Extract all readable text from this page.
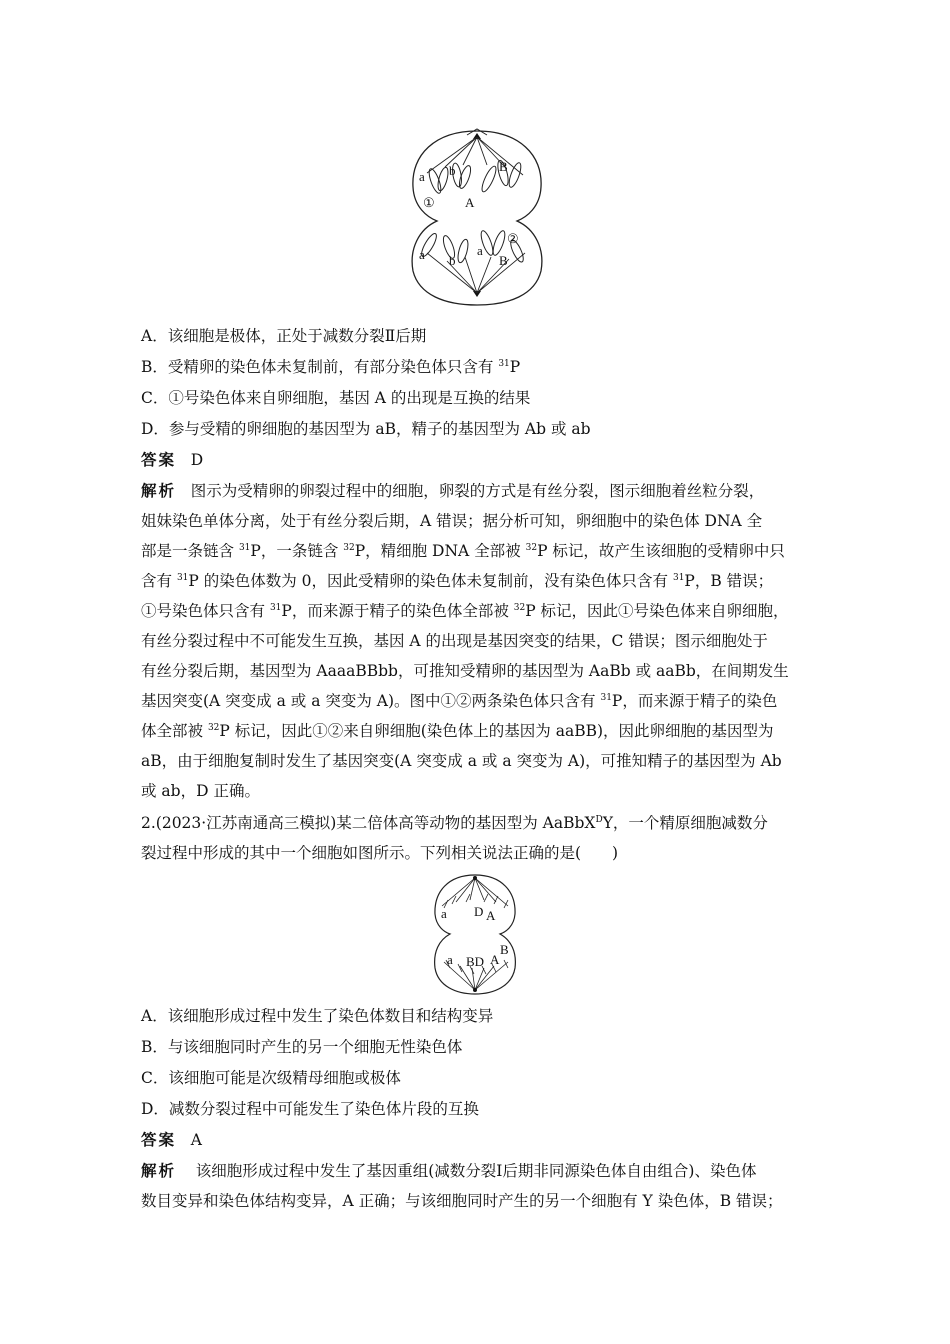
a b	B
① A
②
a b
a
B
A．该细胞是极体，正处于减数分裂Ⅱ后期
B．受精卵的染色体未复制前，有部分染色体只含有 $^{31}$P
C．①号染色体来自卵细胞，基因 A 的出现是互换的结果
D．参与受精的卵细胞的基因型为 aB，精子的基因型为 Ab 或 ab
答案 D
解析 图示为受精卵的卵裂过程中的细胞，卵裂的方式是有丝分裂，图示细胞着丝粒分裂，
姐妹染色单体分离，处于有丝分裂后期，A 错误；据分析可知，卵细胞中的染色体 DNA 全
部是一条链含 $^{31}$P，一条链含 $^{32}$P，精细胞 DNA 全部被 $^{32}$P 标记，故产生该细胞的受精卵中只
含有 $^{31}$P 的染色体数为 0，因此受精卵的染色体未复制前，没有染色体只含有 $^{31}$P，B 错误；
①号染色体只含有 $^{31}$P，而来源于精子的染色体全部被 $^{32}$P 标记，因此①号染色体来自卵细胞，
有丝分裂过程中不可能发生互换，基因 A 的出现是基因突变的结果，C 错误；图示细胞处于
有丝分裂后期，基因型为 AaaaBBbb，可推知受精卵的基因型为 AaBb 或 aaBb，在间期发生
基因突变(A 突变成 a 或 a 突变为 A)。图中①②两条染色体只含有 $^{31}$P，而来源于精子的染色
体全部被 $^{32}$P 标记，因此①②来自卵细胞(染色体上的基因为 aaBB)，因此卵细胞的基因型为
aB，由于细胞复制时发生了基因突变(A 突变成 a 或 a 突变为 A)，可推知精子的基因型为 Ab
或 ab，D 正确。
2.(2023·江苏南通高三模拟)某二倍体高等动物的基因型为 AaBbX$^D$Y，一个精原细胞减数分
裂过程中形成的其中一个细胞如图所示。下列相关说法正确的是(　　)
a D A
a BD A
B
A．该细胞形成过程中发生了染色体数目和结构变异
B．与该细胞同时产生的另一个细胞无性染色体
C．该细胞可能是次级精母细胞或极体
D．减数分裂过程中可能发生了染色体片段的互换
答案 A
解析 该细胞形成过程中发生了基因重组(减数分裂Ⅰ后期非同源染色体自由组合)、染色体
数目变异和染色体结构变异，A 正确；与该细胞同时产生的另一个细胞有 Y 染色体，B 错误；
